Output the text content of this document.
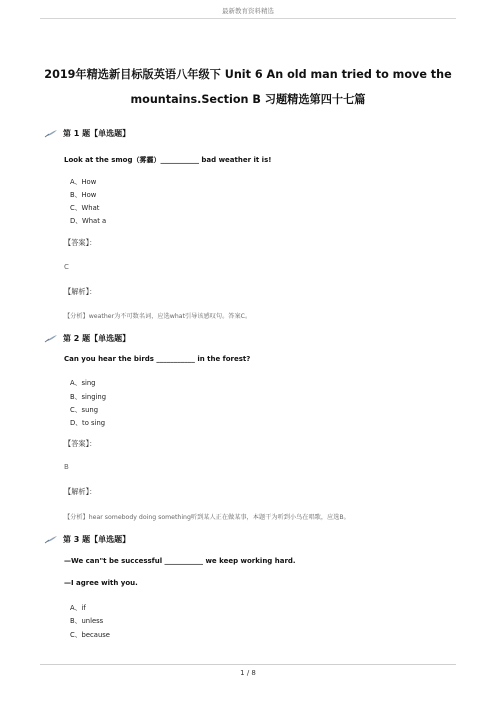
最新教育资料精选
2019年精选新目标版英语八年级下 Unit 6 An old man tried to move the
mountains.Section B 习题精选第四十七篇
第 1 题【单选题】
Look at the smog（雾霾）___________ bad weather it is!
A、How
B、How
C、What
D、What a
【答案】：
C
【解析】：
【分析】weather为不可数名词，应选what引导该感叹句。答案C。
第 2 题【单选题】
Can you hear the birds ___________ in the forest?
A、sing
B、singing
C、sung
D、to sing
【答案】：
B
【解析】：
【分析】hear somebody doing something听到某人正在做某事，本题干为听到小鸟在唱歌，应选B。
第 3 题【单选题】
—We can"t be successful ___________ we keep working hard.
—I agree with you.
A、if
B、unless
C、because
1 / 8
